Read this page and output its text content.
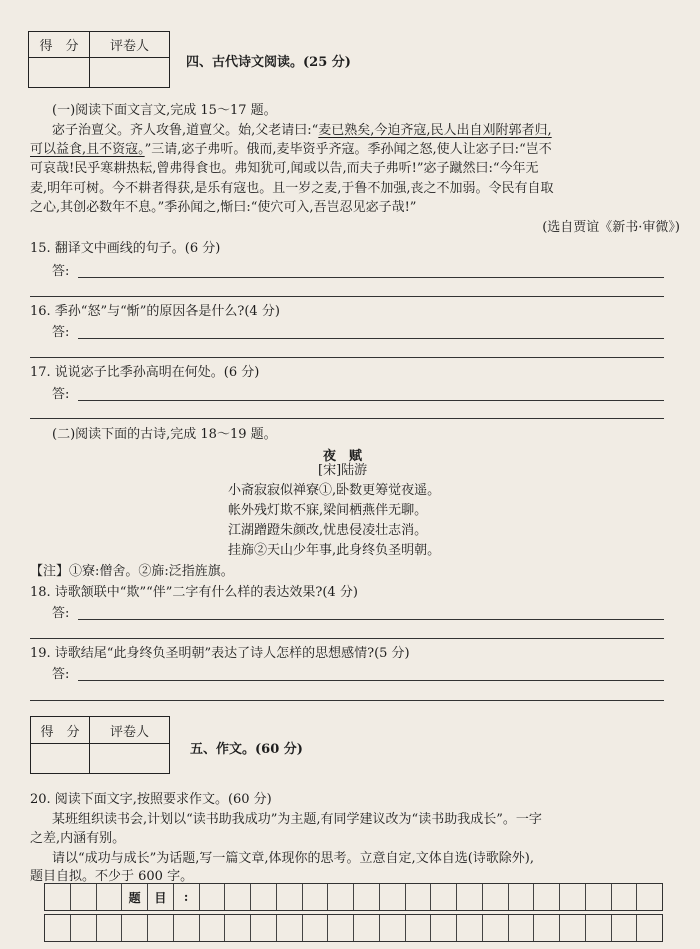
得　分	评卷人

四、古代诗文阅读。(25 分)
(一)阅读下面文言文,完成 15～17 题。
宓子治亶父。齐人攻鲁,道亶父。始,父老请曰:“麦已熟矣,今迫齐寇,民人出自刈附郭者归,
可以益食,且不资寇。”三请,宓子弗听。俄而,麦毕资乎齐寇。季孙闻之怒,使人让宓子曰:“岂不
可哀哉!民乎寒耕热耘,曾弗得食也。弗知犹可,闻或以告,而夫子弗听!”宓子蹴然曰:“今年无
麦,明年可树。今不耕者得获,是乐有寇也。且一岁之麦,于鲁不加强,丧之不加弱。令民有自取
之心,其创必数年不息。”季孙闻之,惭曰:“使穴可入,吾岂忍见宓子哉!”
(选自贾谊《新书·审微》)
15. 翻译文中画线的句子。(6 分)
答:
16. 季孙“怒”与“惭”的原因各是什么?(4 分)
答:
17. 说说宓子比季孙高明在何处。(6 分)
答:
(二)阅读下面的古诗,完成 18～19 题。
夜　赋
[宋]陆游
小斋寂寂似禅寮①,卧数更筹觉夜遥。
帐外残灯欺不寐,梁间栖燕伴无聊。
江湖蹭蹬朱颜改,忧患侵凌壮志消。
挂旆②天山少年事,此身终负圣明朝。
【注】①寮:僧舍。②旆:泛指旌旗。
18. 诗歌颔联中“欺”“伴”二字有什么样的表达效果?(4 分)
答:
19. 诗歌结尾“此身终负圣明朝”表达了诗人怎样的思想感情?(5 分)
答:
得　分	评卷人

五、作文。(60 分)
20. 阅读下面文字,按照要求作文。(60 分)
某班组织读书会,计划以“读书助我成功”为主题,有同学建议改为“读书助我成长”。一字
之差,内涵有别。
请以“成功与成长”为话题,写一篇文章,体现你的思考。立意自定,文体自选(诗歌除外),
题目自拟。不少于 600 字。
题	目	:
